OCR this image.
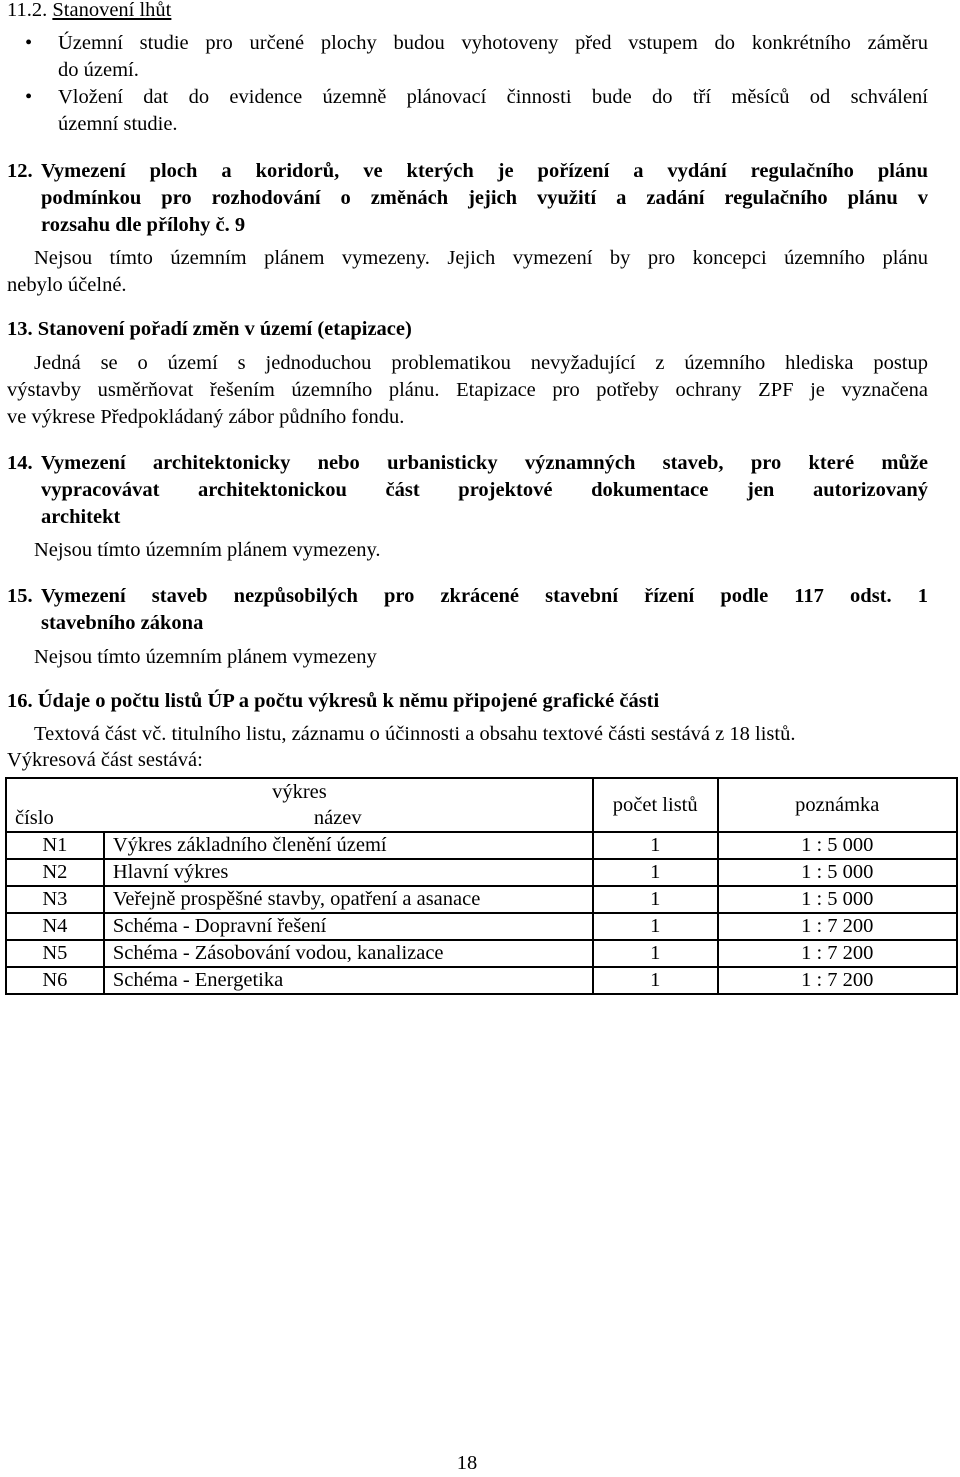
11.2. Stanovení lhůt
• Územní studie pro určené plochy budou vyhotoveny před vstupem do konkrétního záměru
do území.
• Vložení dat do evidence územně plánovací činnosti bude do tří měsíců od schválení
územní studie.
12. Vymezení ploch a koridorů, ve kterých je pořízení a vydání regulačního plánu
podmínkou pro rozhodování o změnách jejich využití a zadání regulačního plánu v
rozsahu dle přílohy č. 9
Nejsou tímto územním plánem vymezeny. Jejich vymezení by pro koncepci územního plánu
nebylo účelné.
13. Stanovení pořadí změn v území (etapizace)
Jedná se o území s jednoduchou problematikou nevyžadující z územního hlediska postup
výstavby usměrňovat řešením územního plánu. Etapizace pro potřeby ochrany ZPF je vyznačena
ve výkrese Předpokládaný zábor půdního fondu.
14. Vymezení architektonicky nebo urbanisticky významných staveb, pro které může
vypracovávat architektonickou část projektové dokumentace jen autorizovaný
architekt
Nejsou tímto územním plánem vymezeny.
15. Vymezení staveb nezpůsobilých pro zkrácené stavební řízení podle 117 odst. 1
stavebního zákona
Nejsou tímto územním plánem vymezeny
16. Údaje o počtu listů ÚP a počtu výkresů k němu připojené grafické části
Textová část vč. titulního listu, záznamu o účinnosti a obsahu textové části sestává z 18 listů.
Výkresová část sestává:
výkres		počet listů	poznámka
číslo	název		
N1	Výkres základního členění území	1	1 : 5 000
N2	Hlavní výkres	1	1 : 5 000
N3	Veřejně prospěšné stavby, opatření a asanace	1	1 : 5 000
N4	Schéma - Dopravní řešení	1	1 : 7 200
N5	Schéma - Zásobování vodou, kanalizace	1	1 : 7 200
N6	Schéma - Energetika	1	1 : 7 200
18
